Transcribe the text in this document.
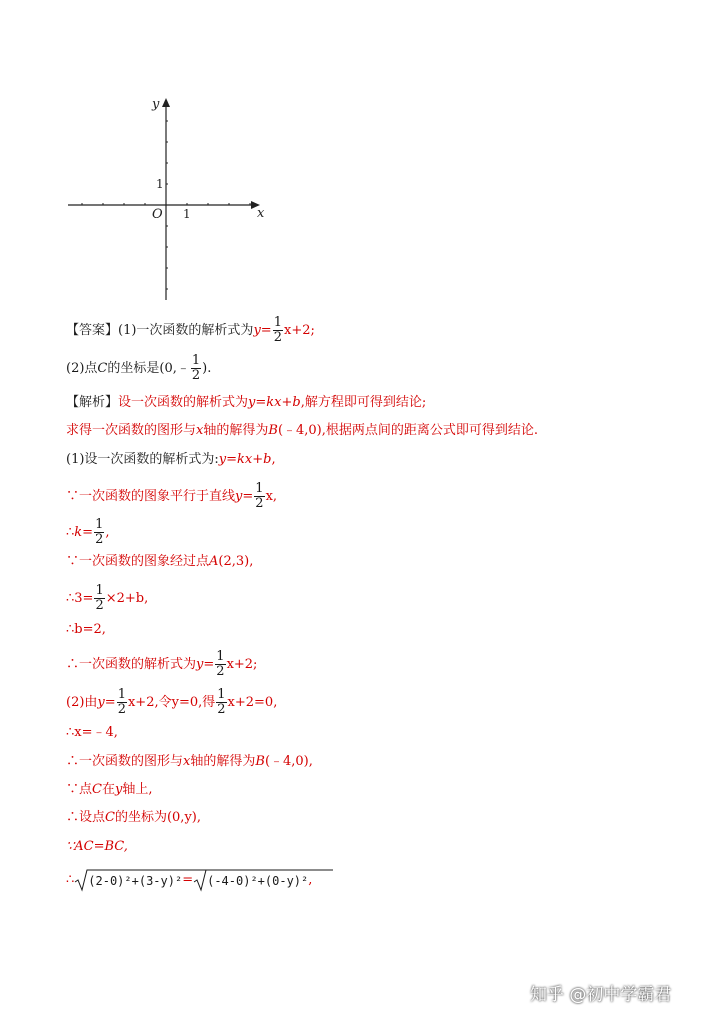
y
x
O
1
1
【答案】(1)一次函数的解析式为$y= \frac{1}{2} x+2$;
(2)点C的坐标是(0,﹣ $\frac{1}{2}$ ).
【解析】设一次函数的解析式为y=kx+b,解方程即可得到结论;
求得一次函数的图形与x轴的解得为B(﹣4,0),根据两点间的距离公式即可得到结论.
(1)设一次函数的解析式为:y=kx+b,
∵一次函数的图象平行于直线$y= \frac{1}{2} x$,
∴k= $\frac{1}{2}$ ,
∵一次函数的图象经过点A(2,3),
∴3= $\frac{1}{2} \times 2+b$,
∴b=2,
∴一次函数的解析式为$y= \frac{1}{2} x+2$;
(2)由$y= \frac{1}{2} x+2$,令y=0,得 $\frac{1}{2} x+2=0$,
∴x=﹣4,
∴一次函数的图形与x轴的解得为B(﹣4,0),
∵点C在y轴上,
∴设点C的坐标为(0,y),
∵AC=BC,
∴ (2-0)²+(3-y)²= (-4-0)²+(0-y)²,
知乎 @初中学霸君
